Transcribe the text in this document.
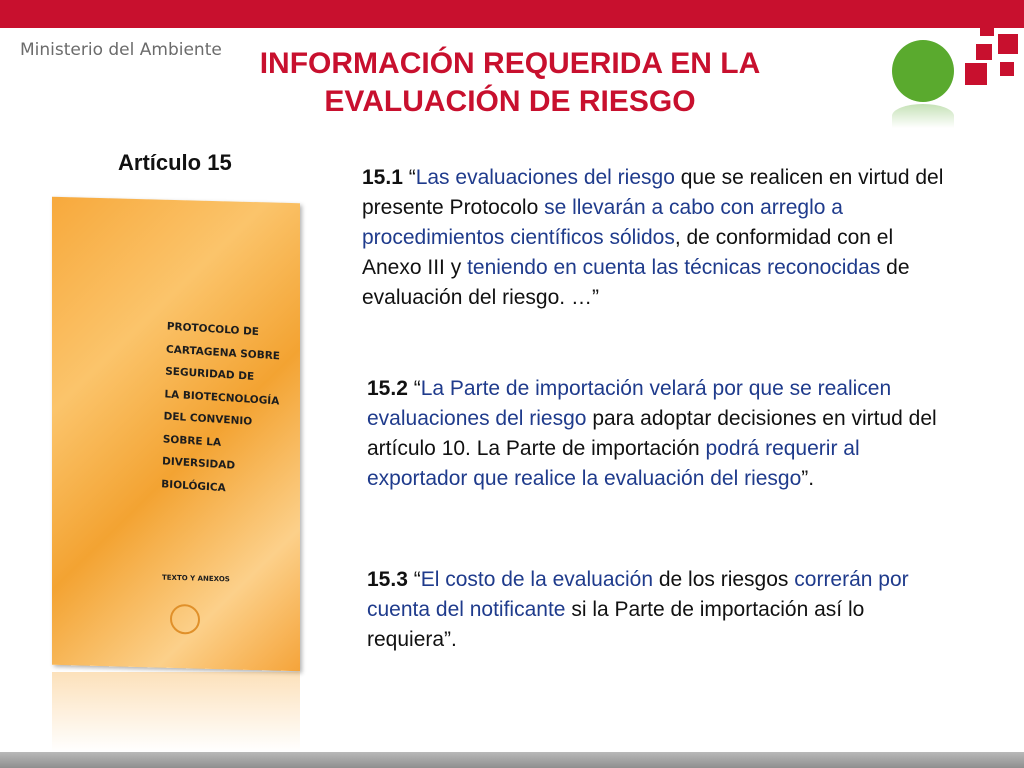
Ministerio del Ambiente	INFORMACIÓN REQUERIDA EN LA
EVALUACIÓN DE RIESGO
Artículo 15
PROTOCOLO DE
CARTAGENA SOBRE
SEGURIDAD DE
LA BIOTECNOLOGÍA
DEL CONVENIO
SOBRE LA
DIVERSIDAD
BIOLÓGICA
TEXTO Y ANEXOS
15.1 “Las evaluaciones del riesgo que se realicen en virtud del presente Protocolo se llevarán a cabo con arreglo a procedimientos científicos sólidos, de conformidad con el Anexo III y teniendo en cuenta las técnicas reconocidas de evaluación del riesgo. …”
15.2 “La Parte de importación velará por que se realicen evaluaciones del riesgo para adoptar decisiones en virtud del artículo 10. La Parte de importación podrá requerir al exportador que realice la evaluación del riesgo”.
15.3 “El costo de la evaluación de los riesgos correrán por cuenta del notificante si la Parte de importación así lo requiera”.
